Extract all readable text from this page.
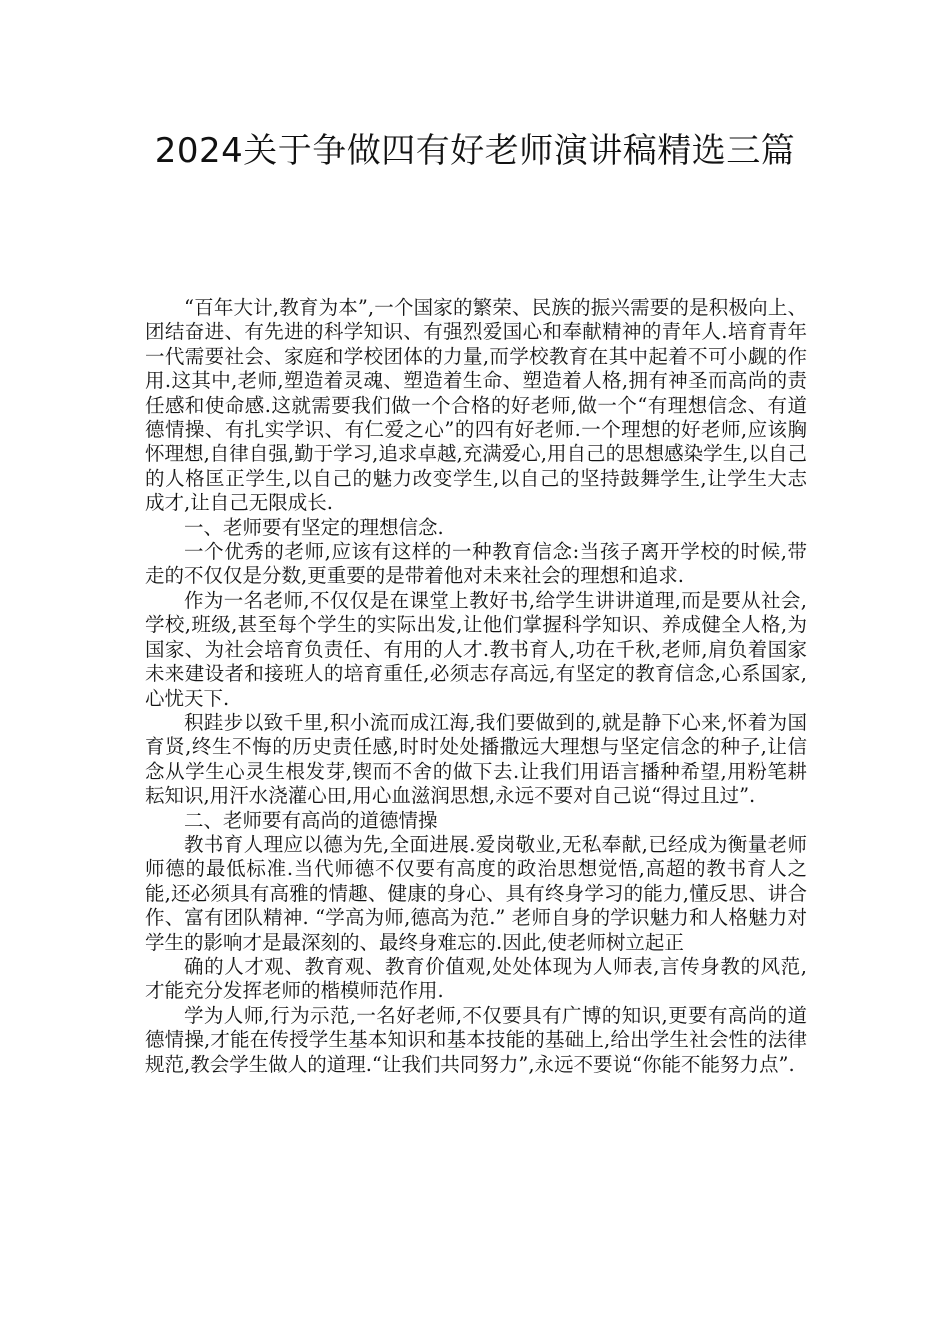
2024关于争做四有好老师演讲稿精选三篇

“百年大计,教育为本”,一个国家的繁荣、民族的振兴需要的是积极向上、团结奋进、有先进的科学知识、有强烈爱国心和奉献精神的青年人.培育青年一代需要社会、家庭和学校团体的力量,而学校教育在其中起着不可小觑的作用.这其中,老师,塑造着灵魂、塑造着生命、塑造着人格,拥有神圣而高尚的责任感和使命感.这就需要我们做一个合格的好老师,做一个“有理想信念、有道德情操、有扎实学识、有仁爱之心”的四有好老师.一个理想的好老师,应该胸怀理想,自律自强,勤于学习,追求卓越,充满爱心,用自己的思想感染学生,以自己的人格匡正学生,以自己的魅力改变学生,以自己的坚持鼓舞学生,让学生大志成才,让自己无限成长.

一、老师要有坚定的理想信念.

一个优秀的老师,应该有这样的一种教育信念:当孩子离开学校的时候,带走的不仅仅是分数,更重要的是带着他对未来社会的理想和追求.

作为一名老师,不仅仅是在课堂上教好书,给学生讲讲道理,而是要从社会,学校,班级,甚至每个学生的实际出发,让他们掌握科学知识、养成健全人格,为国家、为社会培育负责任、有用的人才.教书育人,功在千秋,老师,肩负着国家未来建设者和接班人的培育重任,必须志存高远,有坚定的教育信念,心系国家,心忧天下.

积跬步以致千里,积小流而成江海,我们要做到的,就是静下心来,怀着为国育贤,终生不悔的历史责任感,时时处处播撒远大理想与坚定信念的种子,让信念从学生心灵生根发芽,锲而不舍的做下去.让我们用语言播种希望,用粉笔耕耘知识,用汗水浇灌心田,用心血滋润思想,永远不要对自己说“得过且过”.

二、老师要有高尚的道德情操

教书育人理应以德为先,全面进展.爱岗敬业,无私奉献,已经成为衡量老师师德的最低标准.当代师德不仅要有高度的政治思想觉悟,高超的教书育人之能,还必须具有高雅的情趣、健康的身心、具有终身学习的能力,懂反思、讲合作、富有团队精神. “学高为师,德高为范.” 老师自身的学识魅力和人格魅力对学生的影响才是最深刻的、最终身难忘的.因此,使老师树立起正

确的人才观、教育观、教育价值观,处处体现为人师表,言传身教的风范,才能充分发挥老师的楷模师范作用.

学为人师,行为示范,一名好老师,不仅要具有广博的知识,更要有高尚的道德情操,才能在传授学生基本知识和基本技能的基础上,给出学生社会性的法律规范,教会学生做人的道理.“让我们共同努力”,永远不要说“你能不能努力点”.
